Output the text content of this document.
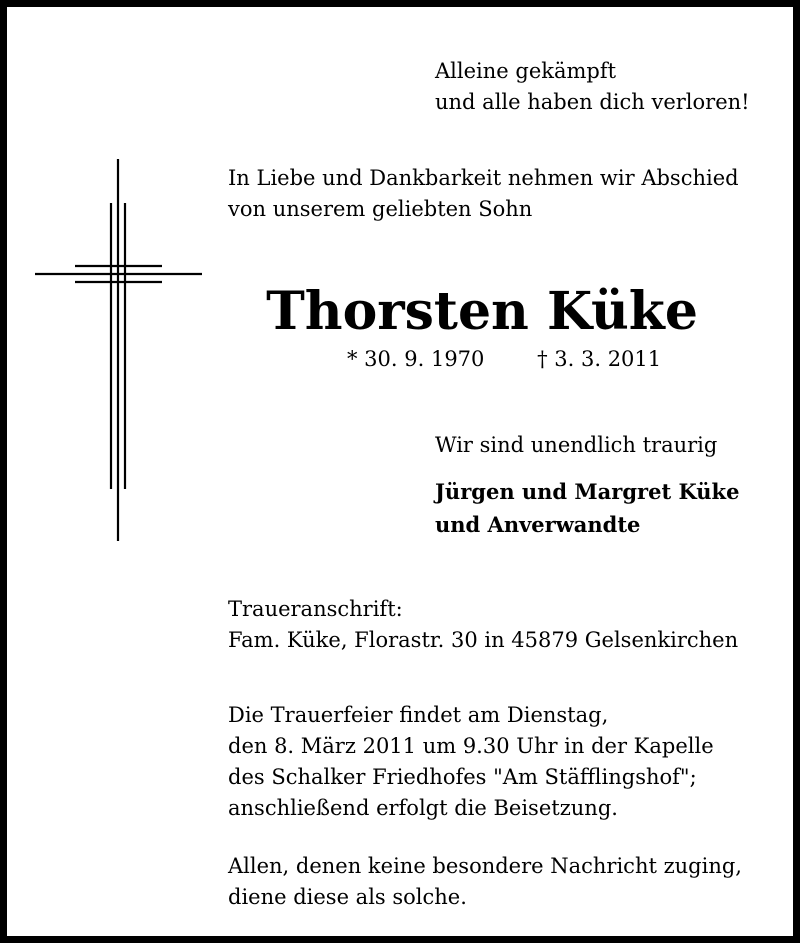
Alleine gekämpft
und alle haben dich verloren!
In Liebe und Dankbarkeit nehmen wir Abschied
von unserem geliebten Sohn
Thorsten Küke
* 30. 9. 1970	† 3. 3. 2011
Wir sind unendlich traurig
Jürgen und Margret Küke
und Anverwandte
Traueranschrift:
Fam. Küke, Florastr. 30 in 45879 Gelsenkirchen
Die Trauerfeier findet am Dienstag,
den 8. März 2011 um 9.30 Uhr in der Kapelle
des Schalker Friedhofes "Am Stäfflingshof";
anschließend erfolgt die Beisetzung.
Allen, denen keine besondere Nachricht zuging,
diene diese als solche.
